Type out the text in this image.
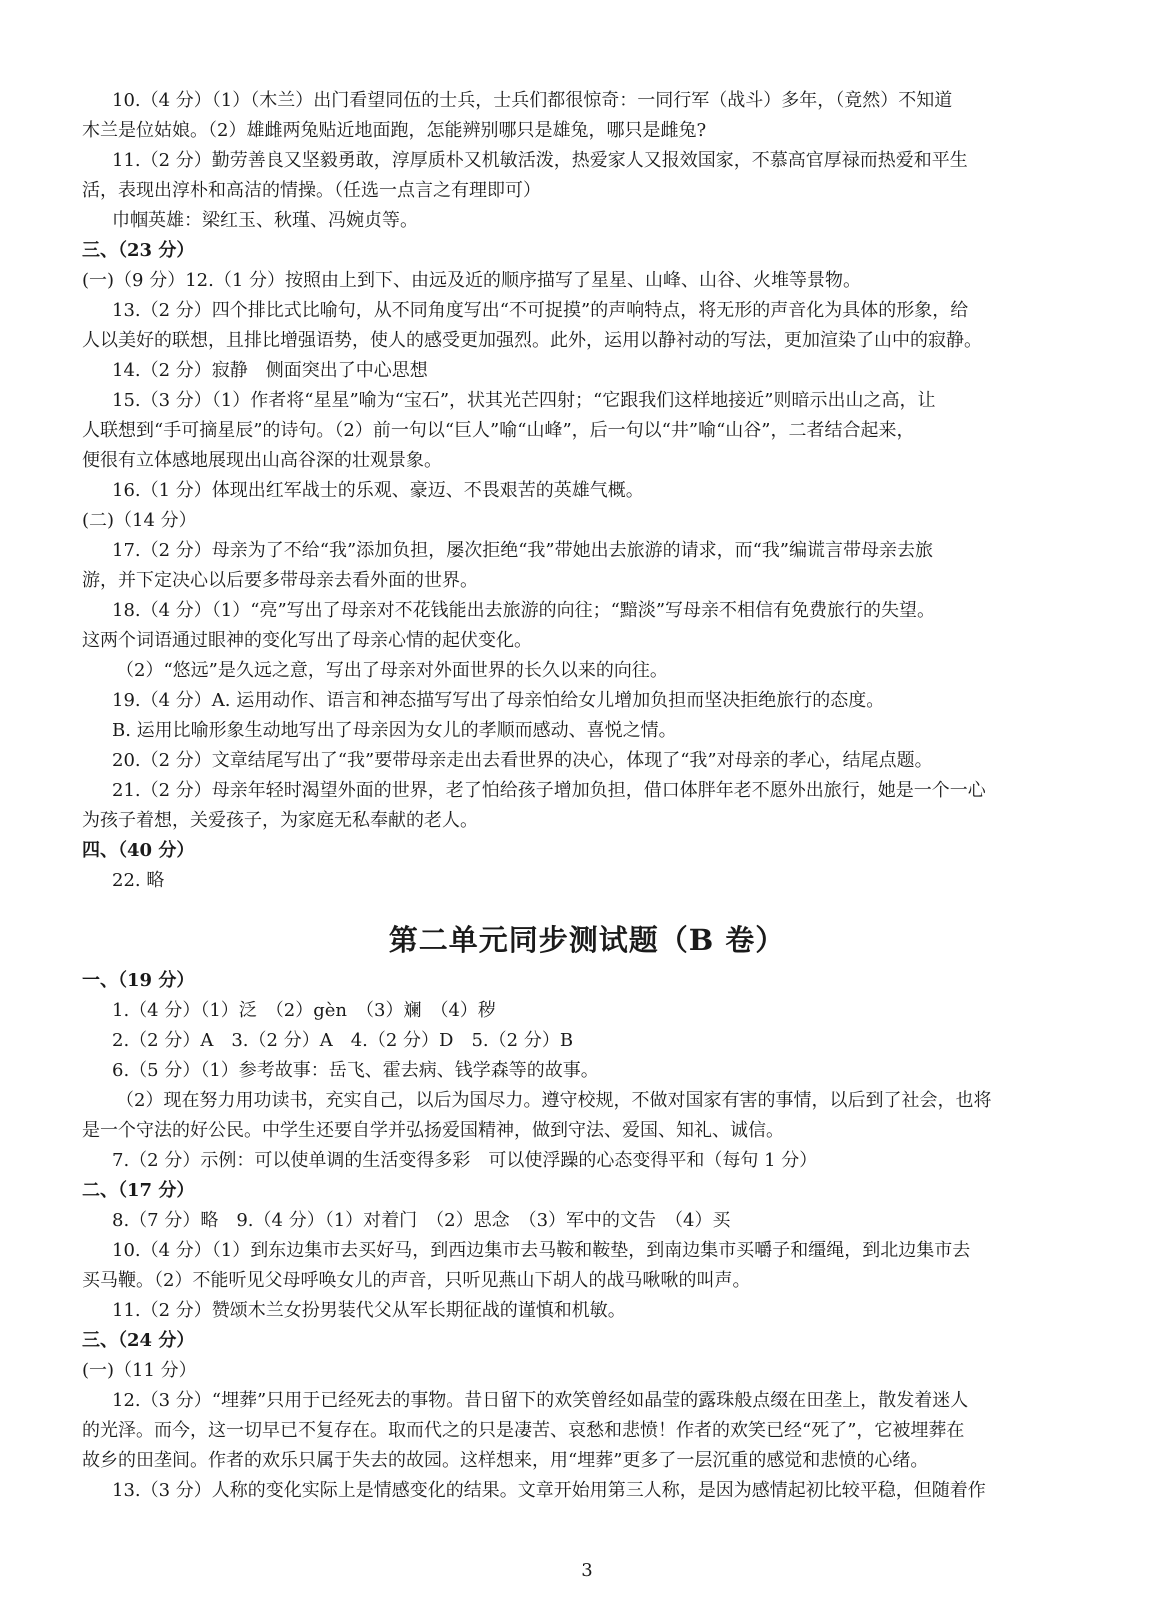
10.（4 分）（1）（木兰）出门看望同伍的士兵，士兵们都很惊奇：一同行军（战斗）多年，（竟然）不知道
木兰是位姑娘。（2）雄雌两兔贴近地面跑，怎能辨别哪只是雄兔，哪只是雌兔?
11.（2 分）勤劳善良又坚毅勇敢，淳厚质朴又机敏活泼，热爱家人又报效国家，不慕高官厚禄而热爱和平生
活，表现出淳朴和高洁的情操。（任选一点言之有理即可）
巾帼英雄：梁红玉、秋瑾、冯婉贞等。
三、（23 分）
(一)（9 分）12.（1 分）按照由上到下、由远及近的顺序描写了星星、山峰、山谷、火堆等景物。
13.（2 分）四个排比式比喻句，从不同角度写出“不可捉摸”的声响特点，将无形的声音化为具体的形象，给
人以美好的联想，且排比增强语势，使人的感受更加强烈。此外，运用以静衬动的写法，更加渲染了山中的寂静。
14.（2 分）寂静　侧面突出了中心思想
15.（3 分）（1）作者将“星星”喻为“宝石”，状其光芒四射；“它跟我们这样地接近”则暗示出山之高，让
人联想到“手可摘星辰”的诗句。（2）前一句以“巨人”喻“山峰”，后一句以“井”喻“山谷”，二者结合起来，
便很有立体感地展现出山高谷深的壮观景象。
16.（1 分）体现出红军战士的乐观、豪迈、不畏艰苦的英雄气概。
(二)（14 分）
17.（2 分）母亲为了不给“我”添加负担，屡次拒绝“我”带她出去旅游的请求，而“我”编谎言带母亲去旅
游，并下定决心以后要多带母亲去看外面的世界。
18.（4 分）（1）“亮”写出了母亲对不花钱能出去旅游的向往；“黯淡”写母亲不相信有免费旅行的失望。
这两个词语通过眼神的变化写出了母亲心情的起伏变化。
（2）“悠远”是久远之意，写出了母亲对外面世界的长久以来的向往。
19.（4 分）A. 运用动作、语言和神态描写写出了母亲怕给女儿增加负担而坚决拒绝旅行的态度。
B. 运用比喻形象生动地写出了母亲因为女儿的孝顺而感动、喜悦之情。
20.（2 分）文章结尾写出了“我”要带母亲走出去看世界的决心，体现了“我”对母亲的孝心，结尾点题。
21.（2 分）母亲年轻时渴望外面的世界，老了怕给孩子增加负担，借口体胖年老不愿外出旅行，她是一个一心
为孩子着想，关爱孩子，为家庭无私奉献的老人。
四、（40 分）
22. 略
第二单元同步测试题（B 卷）
一、（19 分）
1.（4 分）（1）泛　（2）gèn　（3）斓　（4）秽
2.（2 分）A　3.（2 分）A　4.（2 分）D　5.（2 分）B
6.（5 分）（1）参考故事：岳飞、霍去病、钱学森等的故事。
（2）现在努力用功读书，充实自己，以后为国尽力。遵守校规，不做对国家有害的事情，以后到了社会，也将
是一个守法的好公民。中学生还要自学并弘扬爱国精神，做到守法、爱国、知礼、诚信。
7.（2 分）示例：可以使单调的生活变得多彩　可以使浮躁的心态变得平和（每句 1 分）
二、（17 分）
8.（7 分）略　9.（4 分）（1）对着门　（2）思念　（3）军中的文告　（4）买
10.（4 分）（1）到东边集市去买好马，到西边集市去马鞍和鞍垫，到南边集市买嚼子和缰绳，到北边集市去
买马鞭。（2）不能听见父母呼唤女儿的声音，只听见燕山下胡人的战马啾啾的叫声。
11.（2 分）赞颂木兰女扮男装代父从军长期征战的谨慎和机敏。
三、（24 分）
(一)（11 分）
12.（3 分）“埋葬”只用于已经死去的事物。昔日留下的欢笑曾经如晶莹的露珠般点缀在田垄上，散发着迷人
的光泽。而今，这一切早已不复存在。取而代之的只是凄苦、哀愁和悲愤！作者的欢笑已经“死了”，它被埋葬在
故乡的田垄间。作者的欢乐只属于失去的故园。这样想来，用“埋葬”更多了一层沉重的感觉和悲愤的心绪。
13.（3 分）人称的变化实际上是情感变化的结果。文章开始用第三人称，是因为感情起初比较平稳，但随着作
3
